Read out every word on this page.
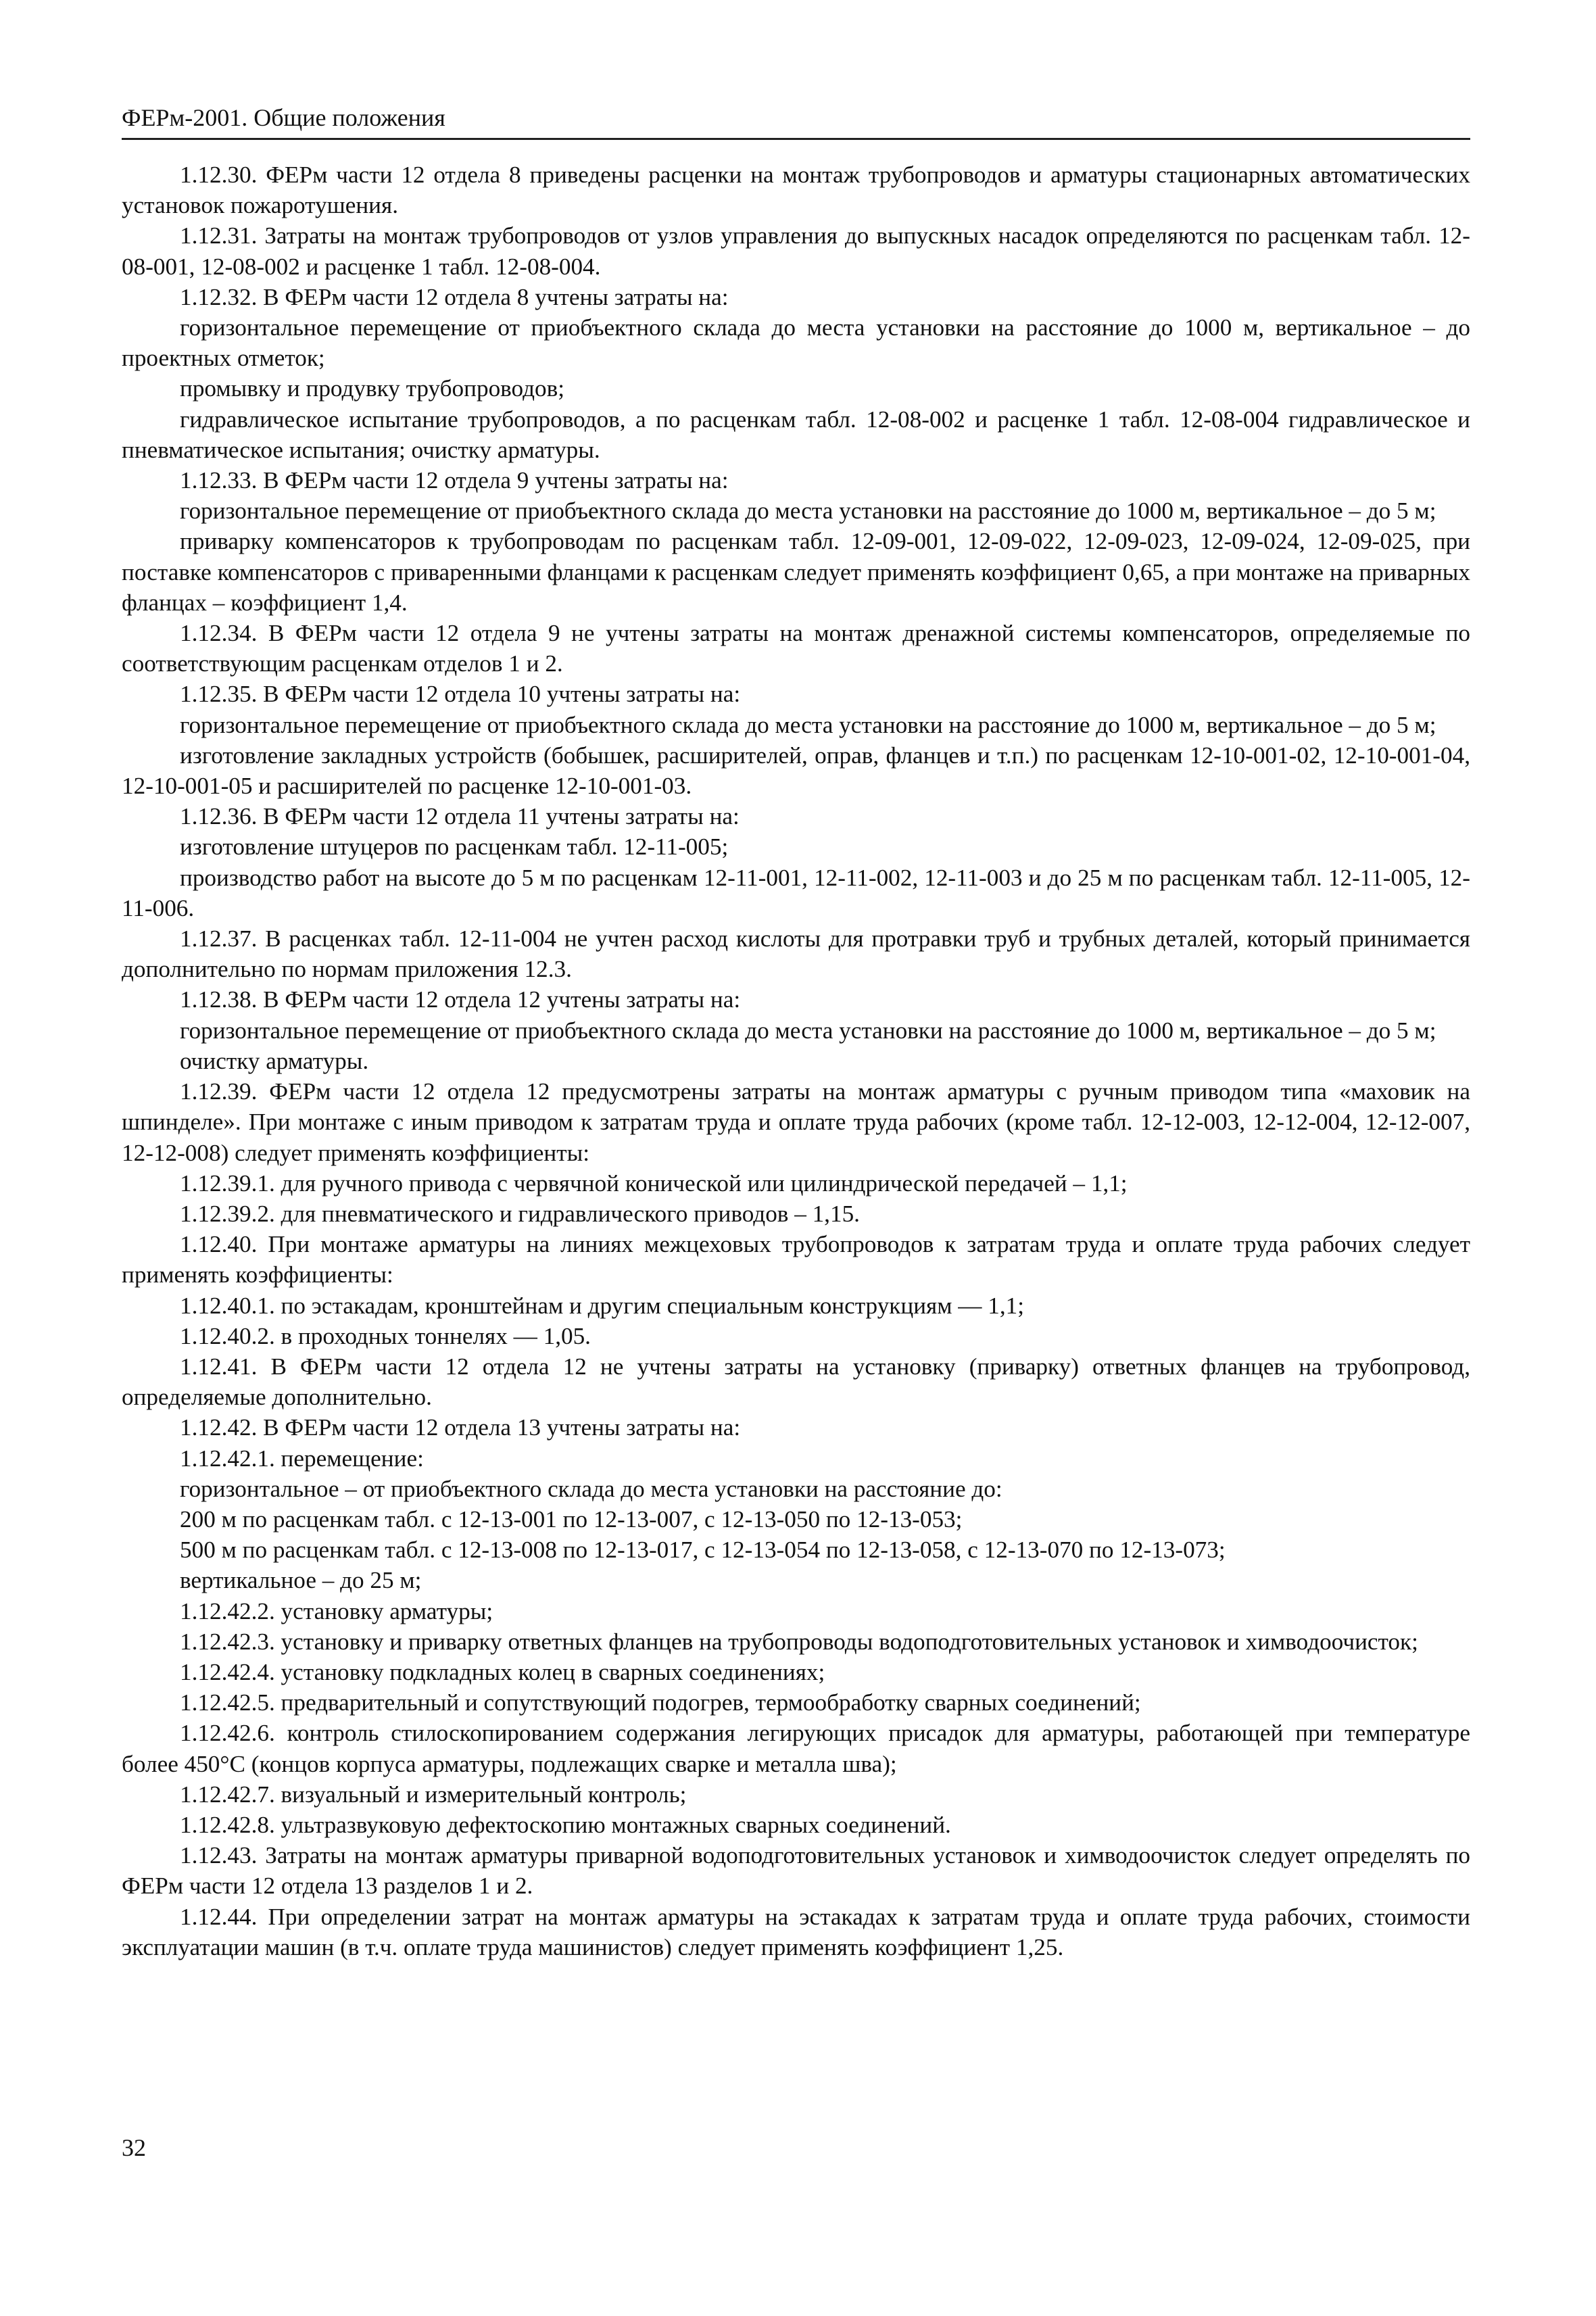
ФЕРм-2001. Общие положения

1.12.30. ФЕРм части 12 отдела 8 приведены расценки на монтаж трубопроводов и арматуры стационарных автоматических установок пожаротушения.

1.12.31. Затраты на монтаж трубопроводов от узлов управления до выпускных насадок определяются по расценкам табл. 12-08-001, 12-08-002 и расценке 1 табл. 12-08-004.

1.12.32. В ФЕРм части 12 отдела 8 учтены затраты на:

горизонтальное перемещение от приобъектного склада до места установки на расстояние до 1000 м, вертикальное – до проектных отметок;

промывку и продувку трубопроводов;

гидравлическое испытание трубопроводов, а по расценкам табл. 12-08-002 и расценке 1 табл. 12-08-004 гидравлическое и пневматическое испытания; очистку арматуры.

1.12.33. В ФЕРм части 12 отдела 9 учтены затраты на:

горизонтальное перемещение от приобъектного склада до места установки на расстояние до 1000 м, вертикальное – до 5 м;

приварку компенсаторов к трубопроводам по расценкам табл. 12-09-001, 12-09-022, 12-09-023, 12-09-024, 12-09-025, при поставке компенсаторов с приваренными фланцами к расценкам следует применять коэффициент 0,65, а при монтаже на приварных фланцах – коэффициент 1,4.

1.12.34. В ФЕРм части 12 отдела 9 не учтены затраты на монтаж дренажной системы компенсаторов, определяемые по соответствующим расценкам отделов 1 и 2.

1.12.35. В ФЕРм части 12 отдела 10 учтены затраты на:

горизонтальное перемещение от приобъектного склада до места установки на расстояние до 1000 м, вертикальное – до 5 м;

изготовление закладных устройств (бобышек, расширителей, оправ, фланцев и т.п.) по расценкам 12-10-001-02, 12-10-001-04, 12-10-001-05 и расширителей по расценке 12-10-001-03.

1.12.36. В ФЕРм части 12 отдела 11 учтены затраты на:

изготовление штуцеров по расценкам табл. 12-11-005;

производство работ на высоте до 5 м по расценкам 12-11-001, 12-11-002, 12-11-003 и до 25 м по расценкам табл. 12-11-005, 12-11-006.

1.12.37. В расценках табл. 12-11-004 не учтен расход кислоты для протравки труб и трубных деталей, который принимается дополнительно по нормам приложения 12.3.

1.12.38. В ФЕРм части 12 отдела 12 учтены затраты на:

горизонтальное перемещение от приобъектного склада до места установки на расстояние до 1000 м, вертикальное – до 5 м;

очистку арматуры.

1.12.39. ФЕРм части 12 отдела 12 предусмотрены затраты на монтаж арматуры с ручным приводом типа «маховик на шпинделе». При монтаже с иным приводом к затратам труда и оплате труда рабочих (кроме табл. 12-12-003, 12-12-004, 12-12-007, 12-12-008) следует применять коэффициенты:

1.12.39.1. для ручного привода с червячной конической или цилиндрической передачей – 1,1;

1.12.39.2. для пневматического и гидравлического приводов – 1,15.

1.12.40. При монтаже арматуры на линиях межцеховых трубопроводов к затратам труда и оплате труда рабочих следует применять коэффициенты:

1.12.40.1. по эстакадам, кронштейнам и другим специальным конструкциям — 1,1;

1.12.40.2. в проходных тоннелях — 1,05.

1.12.41. В ФЕРм части 12 отдела 12 не учтены затраты на установку (приварку) ответных фланцев на трубопровод, определяемые дополнительно.

1.12.42. В ФЕРм части 12 отдела 13 учтены затраты на:

1.12.42.1. перемещение:

горизонтальное – от приобъектного склада до места установки на расстояние до:

200 м по расценкам табл. с 12-13-001 по 12-13-007, с 12-13-050 по 12-13-053;

500 м по расценкам табл. с 12-13-008 по 12-13-017, с 12-13-054 по 12-13-058, с 12-13-070 по 12-13-073;

вертикальное – до 25 м;

1.12.42.2. установку арматуры;

1.12.42.3. установку и приварку ответных фланцев на трубопроводы водоподготовительных установок и химводоочисток;

1.12.42.4. установку подкладных колец в сварных соединениях;

1.12.42.5. предварительный и сопутствующий подогрев, термообработку сварных соединений;

1.12.42.6. контроль стилоскопированием содержания легирующих присадок для арматуры, работающей при температуре более 450°С (концов корпуса арматуры, подлежащих сварке и металла шва);

1.12.42.7. визуальный и измерительный контроль;

1.12.42.8. ультразвуковую дефектоскопию монтажных сварных соединений.

1.12.43. Затраты на монтаж арматуры приварной водоподготовительных установок и химводоочисток следует определять по ФЕРм части 12 отдела 13 разделов 1 и 2.

1.12.44. При определении затрат на монтаж арматуры на эстакадах к затратам труда и оплате труда рабочих, стоимости эксплуатации машин (в т.ч. оплате труда машинистов) следует применять коэффициент 1,25.

32
